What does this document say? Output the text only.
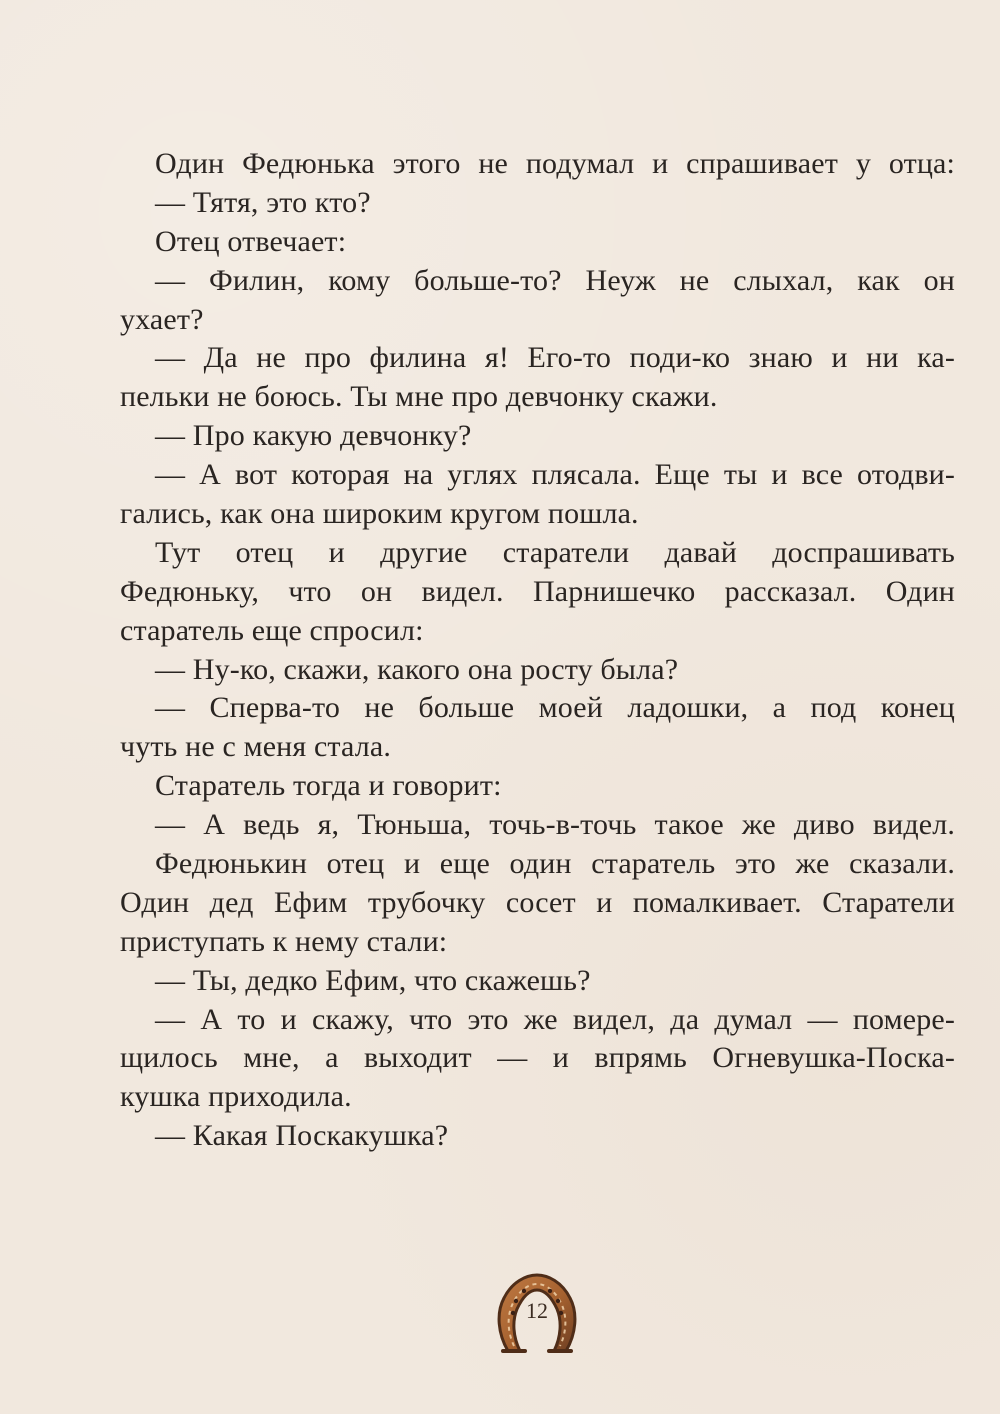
Один Федюнька этого не подумал и спрашивает у отца:
— Тятя, это кто?
Отец отвечает:
— Филин, кому больше-то? Неуж не слыхал, как он
ухает?
— Да не про филина я! Его-то поди-ко знаю и ни ка-
пельки не боюсь. Ты мне про девчонку скажи.
— Про какую девчонку?
— А вот которая на углях плясала. Еще ты и все отодви-
гались, как она широким кругом пошла.
Тут отец и другие старатели давай доспрашивать
Федюньку, что он видел. Парнишечко рассказал. Один
старатель еще спросил:
— Ну-ко, скажи, какого она росту была?
— Сперва-то не больше моей ладошки, а под конец
чуть не с меня стала.
Старатель тогда и говорит:
— А ведь я, Тюньша, точь-в-точь такое же диво видел.
Федюнькин отец и еще один старатель это же сказали.
Один дед Ефим трубочку сосет и помалкивает. Старатели
приступать к нему стали:
— Ты, дедко Ефим, что скажешь?
— А то и скажу, что это же видел, да думал — помере-
щилось мне, а выходит — и впрямь Огневушка-Поска-
кушка приходила.
— Какая Поскакушка?
12
